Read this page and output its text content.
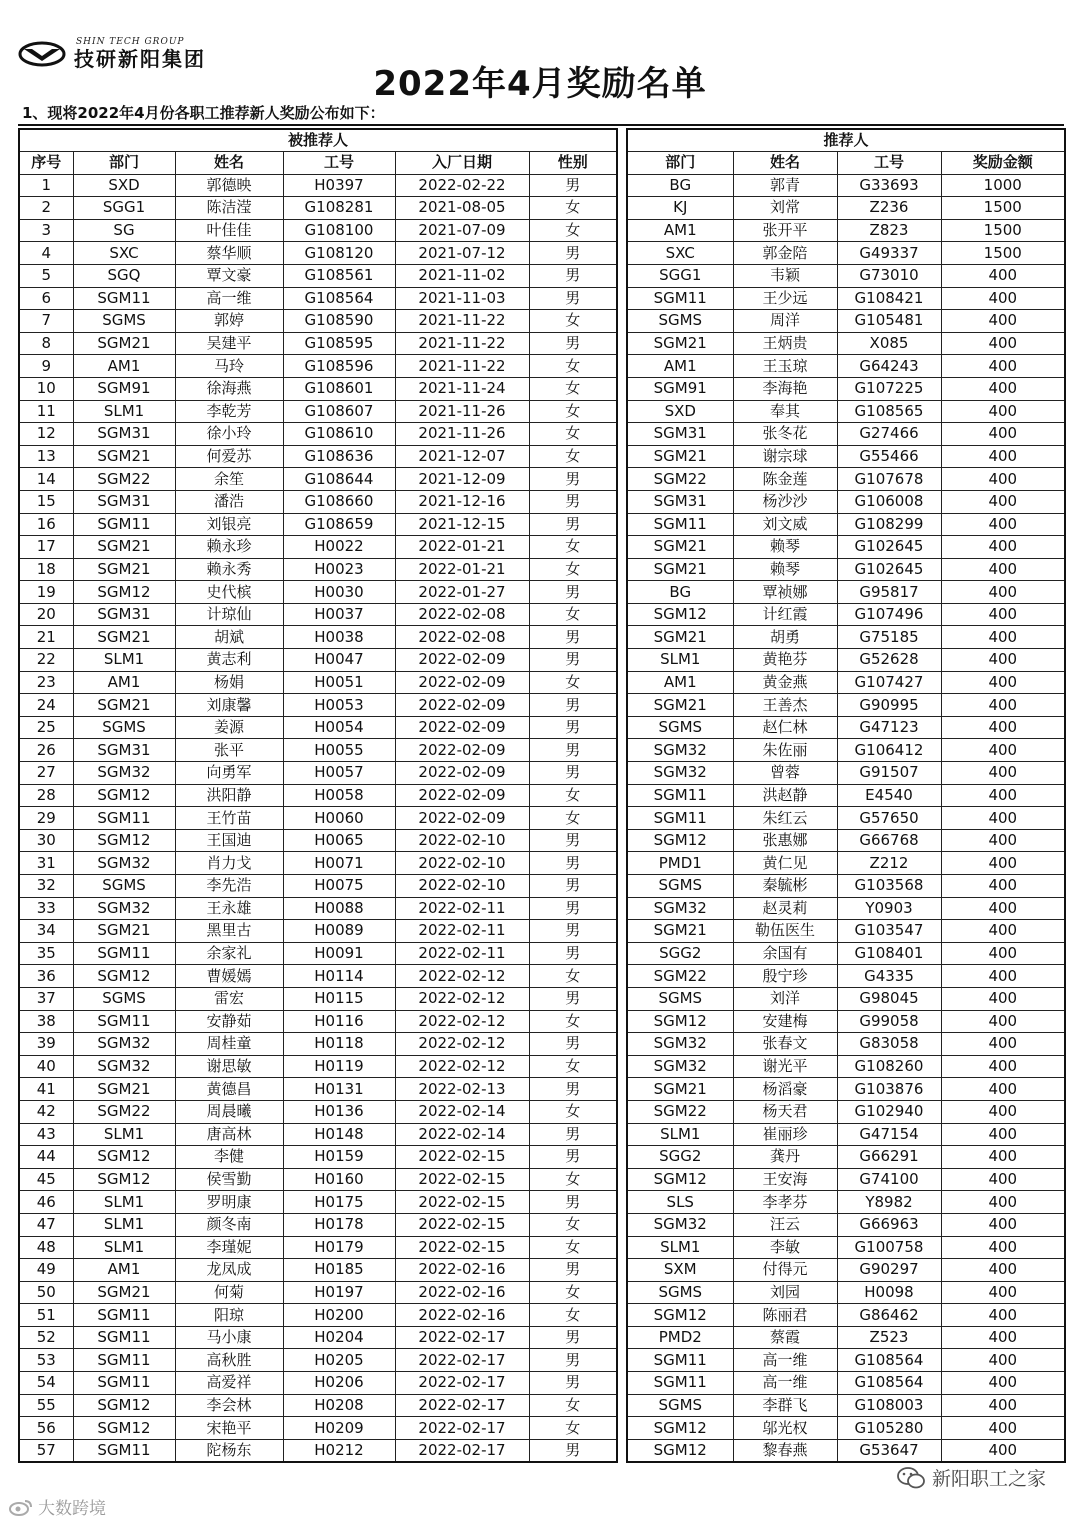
SHIN TECH GROUP
技研新阳集团
2022年4月奖励名单
1、现将2022年4月份各职工推荐新人奖励公布如下：
被推荐人					
序号	部门	姓名	工号	入厂日期	性别
1	SXD	郭德映	H0397	2022-02-22	男
2	SGG1	陈洁滢	G108281	2021-08-05	女
3	SG	叶佳佳	G108100	2021-07-09	女
4	SXC	蔡华顺	G108120	2021-07-12	男
5	SGQ	覃文豪	G108561	2021-11-02	男
6	SGM11	高一维	G108564	2021-11-03	男
7	SGMS	郭婷	G108590	2021-11-22	女
8	SGM21	吴建平	G108595	2021-11-22	男
9	AM1	马玲	G108596	2021-11-22	女
10	SGM91	徐海燕	G108601	2021-11-24	女
11	SLM1	李乾芳	G108607	2021-11-26	女
12	SGM31	徐小玲	G108610	2021-11-26	女
13	SGM21	何爱苏	G108636	2021-12-07	女
14	SGM22	余笙	G108644	2021-12-09	男
15	SGM31	潘浩	G108660	2021-12-16	男
16	SGM11	刘银亮	G108659	2021-12-15	男
17	SGM21	赖永珍	H0022	2022-01-21	女
18	SGM21	赖永秀	H0023	2022-01-21	女
19	SGM12	史代槟	H0030	2022-01-27	男
20	SGM31	计琼仙	H0037	2022-02-08	女
21	SGM21	胡斌	H0038	2022-02-08	男
22	SLM1	黄志利	H0047	2022-02-09	男
23	AM1	杨娟	H0051	2022-02-09	女
24	SGM21	刘康馨	H0053	2022-02-09	男
25	SGMS	姜源	H0054	2022-02-09	男
26	SGM31	张平	H0055	2022-02-09	男
27	SGM32	向勇军	H0057	2022-02-09	男
28	SGM12	洪阳静	H0058	2022-02-09	女
29	SGM11	王竹苗	H0060	2022-02-09	女
30	SGM12	王国迪	H0065	2022-02-10	男
31	SGM32	肖力戈	H0071	2022-02-10	男
32	SGMS	李先浩	H0075	2022-02-10	男
33	SGM32	王永雄	H0088	2022-02-11	男
34	SGM21	黑里古	H0089	2022-02-11	男
35	SGM11	余家礼	H0091	2022-02-11	男
36	SGM12	曹媛嫣	H0114	2022-02-12	女
37	SGMS	雷宏	H0115	2022-02-12	男
38	SGM11	安静茹	H0116	2022-02-12	女
39	SGM32	周桂童	H0118	2022-02-12	男
40	SGM32	谢思敏	H0119	2022-02-12	女
41	SGM21	黄德昌	H0131	2022-02-13	男
42	SGM22	周晨曦	H0136	2022-02-14	女
43	SLM1	唐高林	H0148	2022-02-14	男
44	SGM12	李健	H0159	2022-02-15	男
45	SGM12	侯雪勤	H0160	2022-02-15	女
46	SLM1	罗明康	H0175	2022-02-15	男
47	SLM1	颜冬南	H0178	2022-02-15	女
48	SLM1	李瑾妮	H0179	2022-02-15	女
49	AM1	龙凤成	H0185	2022-02-16	男
50	SGM21	何菊	H0197	2022-02-16	女
51	SGM11	阳琼	H0200	2022-02-16	女
52	SGM11	马小康	H0204	2022-02-17	男
53	SGM11	高秋胜	H0205	2022-02-17	男
54	SGM11	高爱祥	H0206	2022-02-17	男
55	SGM12	李会林	H0208	2022-02-17	女
56	SGM12	宋艳平	H0209	2022-02-17	女
57	SGM11	陀杨东	H0212	2022-02-17	男
推荐人			
部门	姓名	工号	奖励金额
BG	郭青	G33693	1000
KJ	刘常	Z236	1500
AM1	张开平	Z823	1500
SXC	郭金陪	G49337	1500
SGG1	韦颖	G73010	400
SGM11	王少远	G108421	400
SGMS	周洋	G105481	400
SGM21	王炳贵	X085	400
AM1	王玉琼	G64243	400
SGM91	李海艳	G107225	400
SXD	奉其	G108565	400
SGM31	张冬花	G27466	400
SGM21	谢宗球	G55466	400
SGM22	陈金莲	G107678	400
SGM31	杨沙沙	G106008	400
SGM11	刘文威	G108299	400
SGM21	赖琴	G102645	400
SGM21	赖琴	G102645	400
BG	覃祯娜	G95817	400
SGM12	计红霞	G107496	400
SGM21	胡勇	G75185	400
SLM1	黄艳芬	G52628	400
AM1	黄金燕	G107427	400
SGM21	王善杰	G90995	400
SGMS	赵仁林	G47123	400
SGM32	朱佐丽	G106412	400
SGM32	曾蓉	G91507	400
SGM11	洪赵静	E4540	400
SGM11	朱红云	G57650	400
SGM12	张惠娜	G66768	400
PMD1	黄仁见	Z212	400
SGMS	秦毓彬	G103568	400
SGM32	赵灵莉	Y0903	400
SGM21	勒伍医生	G103547	400
SGG2	余国有	G108401	400
SGM22	殷宁珍	G4335	400
SGMS	刘洋	G98045	400
SGM12	安建梅	G99058	400
SGM32	张春文	G83058	400
SGM32	谢光平	G108260	400
SGM21	杨滔豪	G103876	400
SGM22	杨天君	G102940	400
SLM1	崔丽珍	G47154	400
SGG2	龚丹	G66291	400
SGM12	王安海	G74100	400
SLS	李孝芬	Y8982	400
SGM32	汪云	G66963	400
SLM1	李敏	G100758	400
SXM	付得元	G90297	400
SGMS	刘园	H0098	400
SGM12	陈丽君	G86462	400
PMD2	蔡霞	Z523	400
SGM11	高一维	G108564	400
SGM11	高一维	G108564	400
SGMS	李群飞	G108003	400
SGM12	邬光权	G105280	400
SGM12	黎春燕	G53647	400
大数跨境
新阳职工之家
